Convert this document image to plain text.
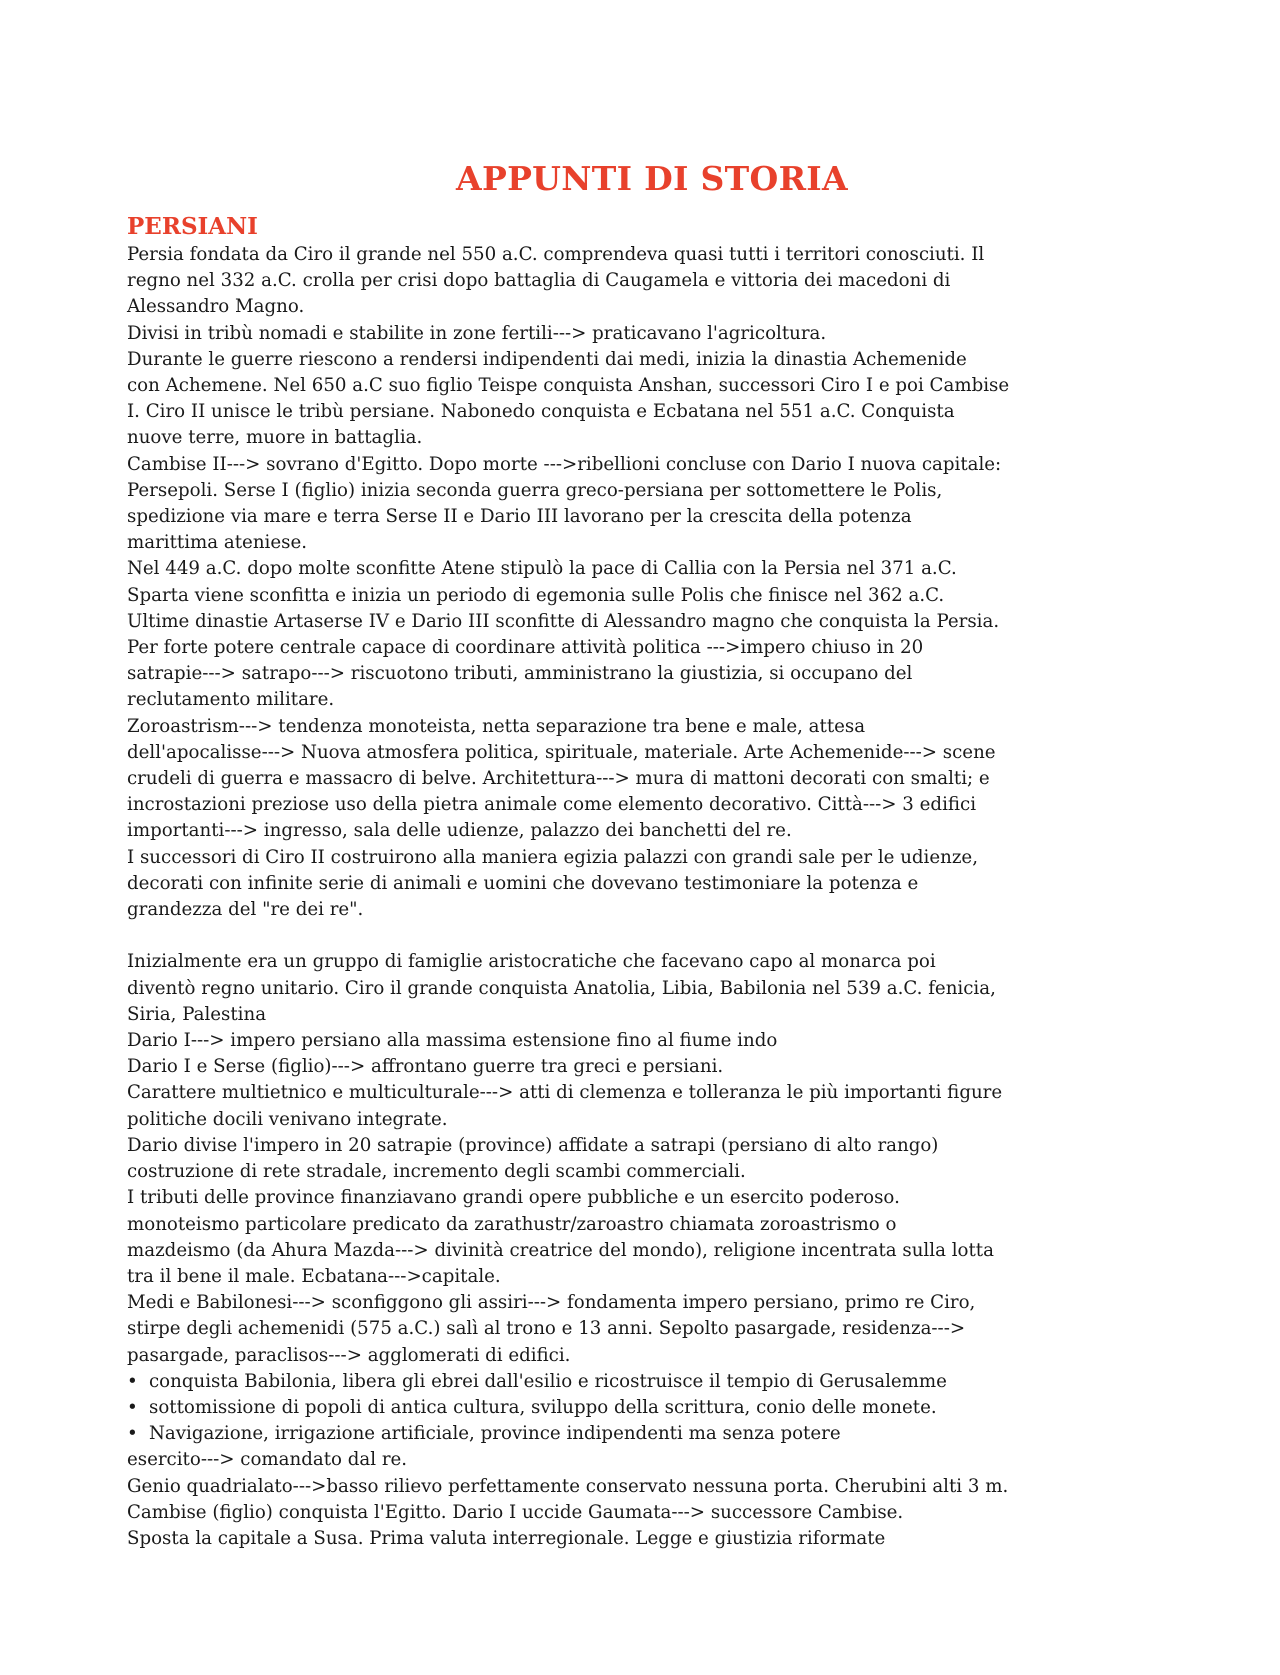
APPUNTI DI STORIA
PERSIANI
Persia fondata da Ciro il grande nel 550 a.C. comprendeva quasi tutti i territori conosciuti. Il
regno nel 332 a.C. crolla per crisi dopo battaglia di Caugamela e vittoria dei macedoni di
Alessandro Magno.
Divisi in tribù nomadi e stabilite in zone fertili---> praticavano l'agricoltura.
Durante le guerre riescono a rendersi indipendenti dai medi, inizia la dinastia Achemenide
con Achemene. Nel 650 a.C suo figlio Teispe conquista Anshan, successori Ciro I e poi Cambise
I. Ciro II unisce le tribù persiane. Nabonedo conquista e Ecbatana nel 551 a.C. Conquista
nuove terre, muore in battaglia.
Cambise II---> sovrano d'Egitto. Dopo morte --->ribellioni concluse con Dario I nuova capitale:
Persepoli. Serse I (figlio) inizia seconda guerra greco-persiana per sottomettere le Polis,
spedizione via mare e terra Serse II e Dario III lavorano per la crescita della potenza
marittima ateniese.
Nel 449 a.C. dopo molte sconfitte Atene stipulò la pace di Callia con la Persia nel 371 a.C.
Sparta viene sconfitta e inizia un periodo di egemonia sulle Polis che finisce nel 362 a.C.
Ultime dinastie Artaserse IV e Dario III sconfitte di Alessandro magno che conquista la Persia.
Per forte potere centrale capace di coordinare attività politica --->impero chiuso in 20
satrapie---> satrapo---> riscuotono tributi, amministrano la giustizia, si occupano del
reclutamento militare.
Zoroastrism---> tendenza monoteista, netta separazione tra bene e male, attesa
dell'apocalisse---> Nuova atmosfera politica, spirituale, materiale. Arte Achemenide---> scene
crudeli di guerra e massacro di belve. Architettura---> mura di mattoni decorati con smalti; e
incrostazioni preziose uso della pietra animale come elemento decorativo. Città---> 3 edifici
importanti---> ingresso, sala delle udienze, palazzo dei banchetti del re.
I successori di Ciro II costruirono alla maniera egizia palazzi con grandi sale per le udienze,
decorati con infinite serie di animali e uomini che dovevano testimoniare la potenza e
grandezza del "re dei re".
Inizialmente era un gruppo di famiglie aristocratiche che facevano capo al monarca poi
diventò regno unitario. Ciro il grande conquista Anatolia, Libia, Babilonia nel 539 a.C. fenicia,
Siria, Palestina
Dario I---> impero persiano alla massima estensione fino al fiume indo
Dario I e Serse (figlio)---> affrontano guerre tra greci e persiani.
Carattere multietnico e multiculturale---> atti di clemenza e tolleranza le più importanti figure
politiche docili venivano integrate.
Dario divise l'impero in 20 satrapie (province) affidate a satrapi (persiano di alto rango)
costruzione di rete stradale, incremento degli scambi commerciali.
I tributi delle province finanziavano grandi opere pubbliche e un esercito poderoso.
monoteismo particolare predicato da zarathustr/zaroastro chiamata zoroastrismo o
mazdeismo (da Ahura Mazda---> divinità creatrice del mondo), religione incentrata sulla lotta
tra il bene il male. Ecbatana--->capitale.
Medi e Babilonesi---> sconfiggono gli assiri---> fondamenta impero persiano, primo re Ciro,
stirpe degli achemenidi (575 a.C.) salì al trono e 13 anni. Sepolto pasargade, residenza--->
pasargade, paraclisos---> agglomerati di edifici.
• conquista Babilonia, libera gli ebrei dall'esilio e ricostruisce il tempio di Gerusalemme
• sottomissione di popoli di antica cultura, sviluppo della scrittura, conio delle monete.
• Navigazione, irrigazione artificiale, province indipendenti ma senza potere
esercito---> comandato dal re.
Genio quadrialato--->basso rilievo perfettamente conservato nessuna porta. Cherubini alti 3 m.
Cambise (figlio) conquista l'Egitto. Dario I uccide Gaumata---> successore Cambise.
Sposta la capitale a Susa. Prima valuta interregionale. Legge e giustizia riformate
